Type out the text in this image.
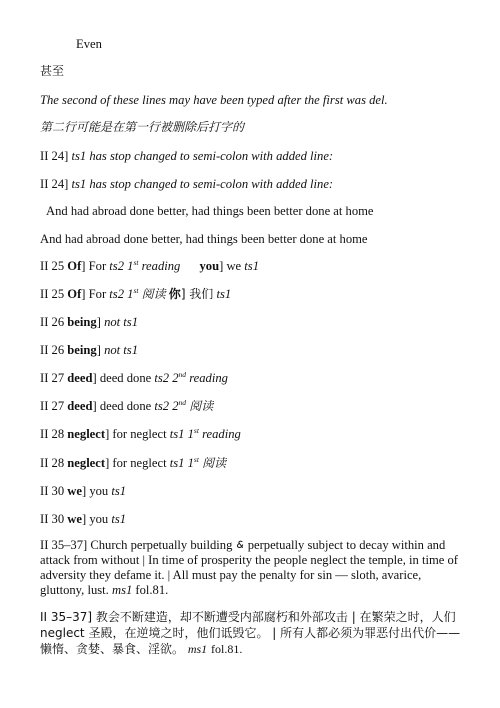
Even
甚至
The second of these lines may have been typed after the first was del.
第二行可能是在第一行被删除后打字的
II 24] ts1 has stop changed to semi-colon with added line:
II 24] ts1 has stop changed to semi-colon with added line:
And had abroad done better, had things been better done at home
And had abroad done better, had things been better done at home
II 25 Of] For ts2 1st reading you] we ts1
II 25 Of] For ts2 1st 阅读 你] 我们 ts1
II 26 being] not ts1
II 26 being] not ts1
II 27 deed] deed done ts2 2nd reading
II 27 deed] deed done ts2 2nd 阅读
II 28 neglect] for neglect ts1 1st reading
II 28 neglect] for neglect ts1 1st 阅读
II 30 we] you ts1
II 30 we] you ts1
II 35–37] Church perpetually building perpetually subject to decay within and attack from without | In time of prosperity the people neglect the temple, in time of adversity they defame it. | All must pay the penalty for sin — sloth, avarice, gluttony, lust. ms1 fol.81.
II 35–37] 教会不断建造，却不断遭受内部腐朽和外部攻击 | 在繁荣之时，人们 neglect 圣殿，在逆境之时，他们诋毁它。 | 所有人都必须为罪恶付出代价——懒惰、贪婪、暴食、淫欲。 ms1 fol.81.
